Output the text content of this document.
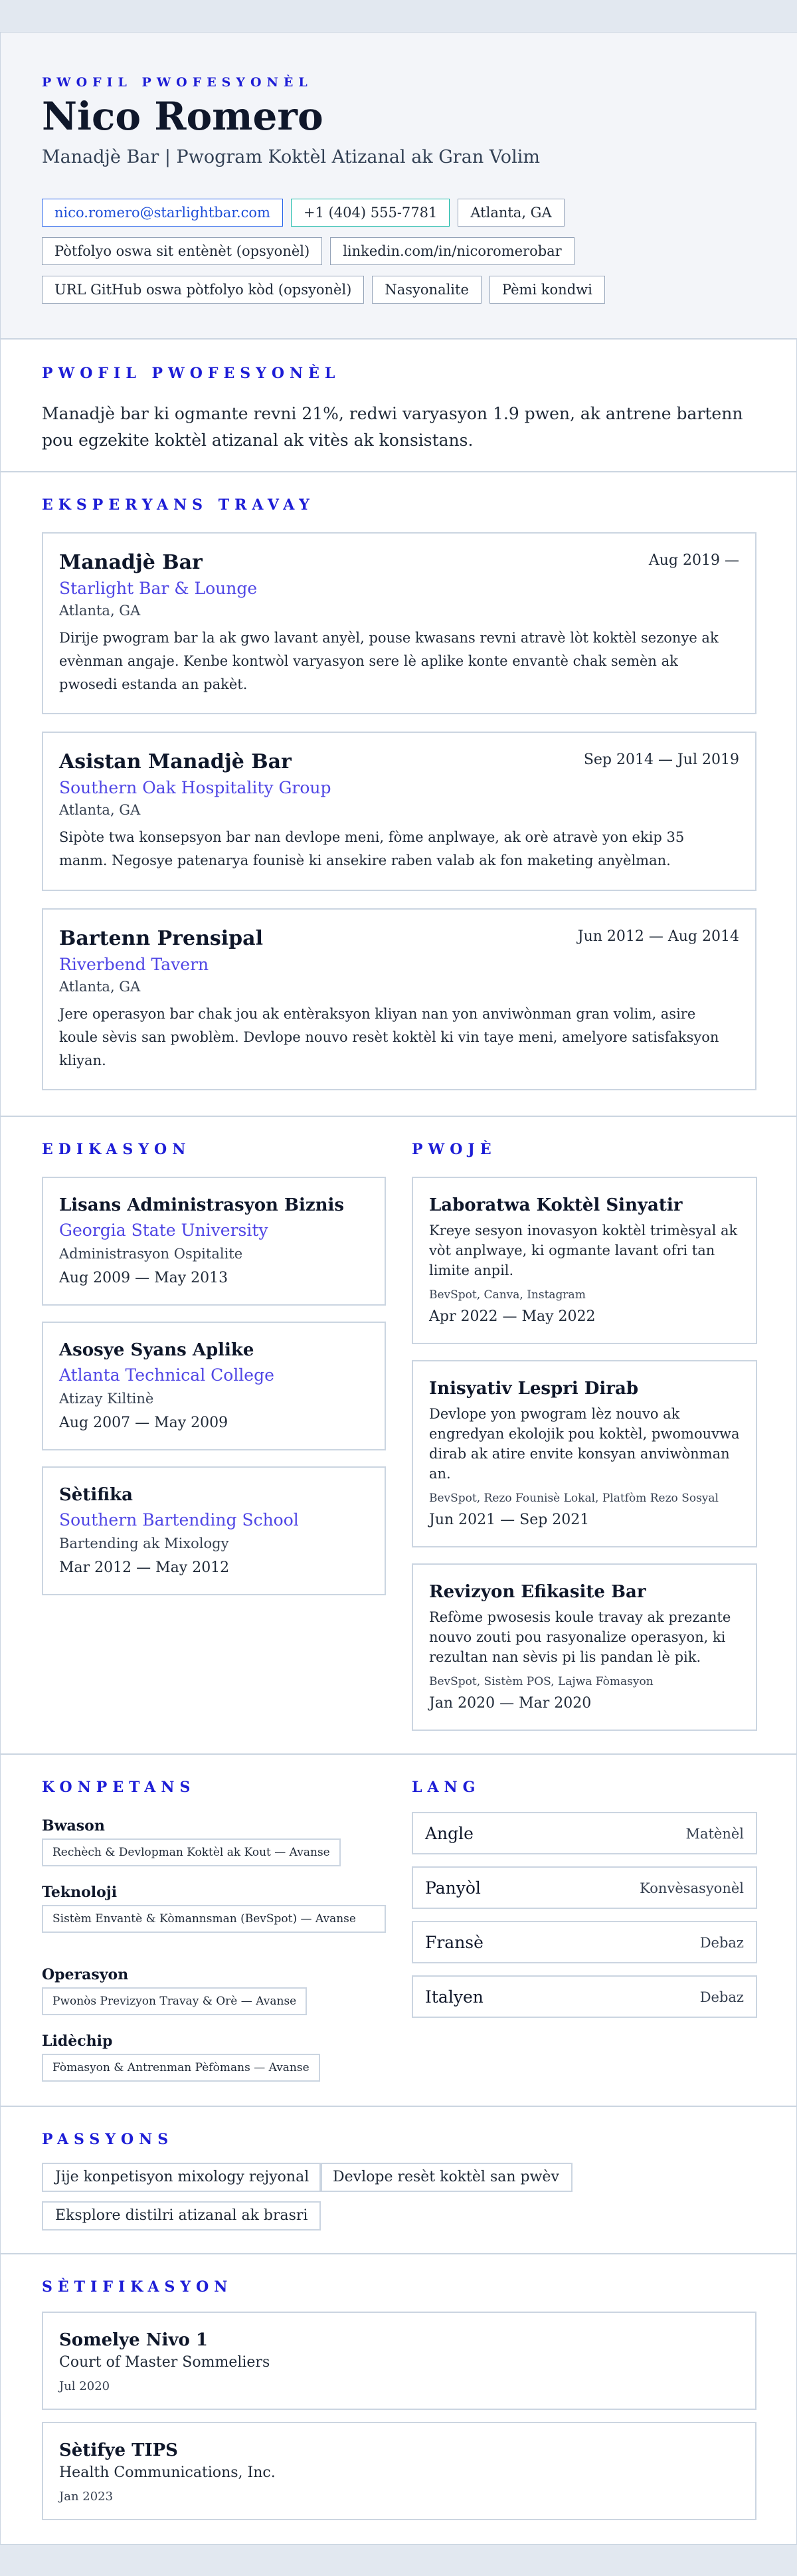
PWOFIL PWOFESYONÈL
Nico Romero
Manadjè Bar | Pwogram Koktèl Atizanal ak Gran Volim
nico.romero@starlightbar.com	+1 (404) 555-7781	Atlanta, GA
Pòtfolyo oswa sit entènèt (opsyonèl)	linkedin.com/in/nicoromerobar
URL GitHub oswa pòtfolyo kòd (opsyonèl)	Nasyonalite	Pèmi kondwi
PWOFIL PWOFESYONÈL
Manadjè bar ki ogmante revni 21%, redwi varyasyon 1.9 pwen, ak antrene bartenn pou egzekite koktèl atizanal ak vitès ak konsistans.
EKSPERYANS TRAVAY
Manadjè Bar	Aug 2019 —
Starlight Bar & Lounge
Atlanta, GA
Dirije pwogram bar la ak gwo lavant anyèl, pouse kwasans revni atravè lòt koktèl sezonye ak evènman angaje. Kenbe kontwòl varyasyon sere lè aplike konte envantè chak semèn ak pwosedi estanda an pakèt.
Asistan Manadjè Bar	Sep 2014 — Jul 2019
Southern Oak Hospitality Group
Atlanta, GA
Sipòte twa konsepsyon bar nan devlope meni, fòme anplwaye, ak orè atravè yon ekip 35 manm. Negosye patenarya founisè ki ansekire raben valab ak fon maketing anyèlman.
Bartenn Prensipal	Jun 2012 — Aug 2014
Riverbend Tavern
Atlanta, GA
Jere operasyon bar chak jou ak entèraksyon kliyan nan yon anviwònman gran volim, asire koule sèvis san pwoblèm. Devlope nouvo resèt koktèl ki vin taye meni, amelyore satisfaksyon kliyan.
EDIKASYON	PWOJÈ
Lisans Administrasyon Biznis
Georgia State University
Administrasyon Ospitalite
Aug 2009 — May 2013
Asosye Syans Aplike
Atlanta Technical College
Atizay Kiltinè
Aug 2007 — May 2009
Sètifika
Southern Bartending School
Bartending ak Mixology
Mar 2012 — May 2012
Laboratwa Koktèl Sinyatir
Kreye sesyon inovasyon koktèl trimèsyal ak vòt anplwaye, ki ogmante lavant ofri tan limite anpil.
BevSpot, Canva, Instagram
Apr 2022 — May 2022
Inisyativ Lespri Dirab
Devlope yon pwogram lèz nouvo ak engredyan ekolojik pou koktèl, pwomouvwa dirab ak atire envite konsyan anviwònman an.
BevSpot, Rezo Founisè Lokal, Platfòm Rezo Sosyal
Jun 2021 — Sep 2021
Revizyon Efikasite Bar
Refòme pwosesis koule travay ak prezante nouvo zouti pou rasyonalize operasyon, ki rezultan nan sèvis pi lis pandan lè pik.
BevSpot, Sistèm POS, Lajwa Fòmasyon
Jan 2020 — Mar 2020
KONPETANS	LANG
Bwason
Rechèch & Devlopman Koktèl ak Kout — Avanse
Teknoloji
Sistèm Envantè & Kòmannsman (BevSpot) — Avanse
Operasyon
Pwonòs Previzyon Travay & Orè — Avanse
Lidèchip
Fòmasyon & Antrenman Pèfòmans — Avanse
Angle	Matènèl
Panyòl	Konvèsasyonèl
Fransè	Debaz
Italyen	Debaz
PASSYONS
Jije konpetisyon mixology rejyonal	Devlope resèt koktèl san pwèv
Eksplore distilri atizanal ak brasri
SÈTIFIKASYON
Somelye Nivo 1
Court of Master Sommeliers
Jul 2020
Sètifye TIPS
Health Communications, Inc.
Jan 2023
